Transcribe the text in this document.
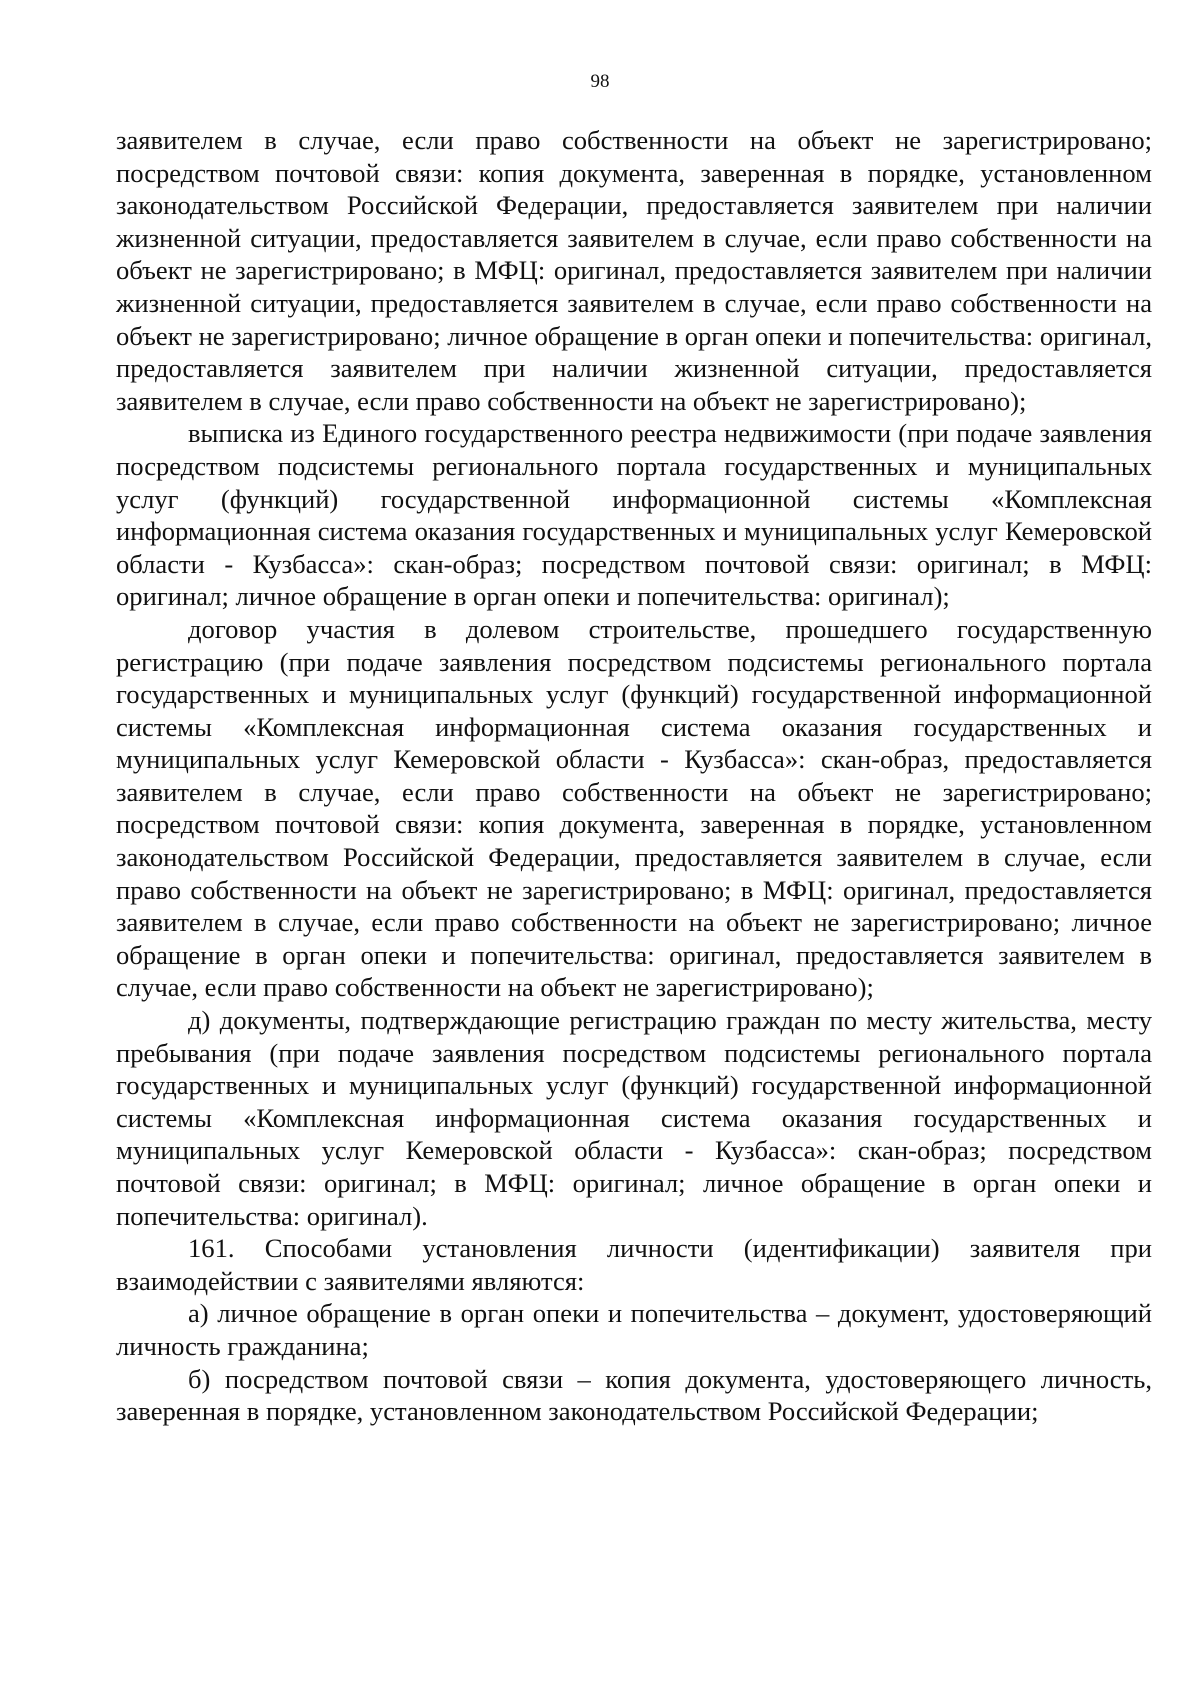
98

заявителем в случае, если право собственности на объект не зарегистрировано; посредством почтовой связи: копия документа, заверенная в порядке, установленном законодательством Российской Федерации, предоставляется заявителем при наличии жизненной ситуации, предоставляется заявителем в случае, если право собственности на объект не зарегистрировано; в МФЦ: оригинал, предоставляется заявителем при наличии жизненной ситуации, предоставляется заявителем в случае, если право собственности на объект не зарегистрировано; личное обращение в орган опеки и попечительства: оригинал, предоставляется заявителем при наличии жизненной ситуации, предоставляется заявителем в случае, если право собственности на объект не зарегистрировано);

выписка из Единого государственного реестра недвижимости (при подаче заявления посредством подсистемы регионального портала государственных и муниципальных услуг (функций) государственной информационной системы «Комплексная информационная система оказания государственных и муниципальных услуг Кемеровской области - Кузбасса»: скан-образ; посредством почтовой связи: оригинал; в МФЦ: оригинал; личное обращение в орган опеки и попечительства: оригинал);

договор участия в долевом строительстве, прошедшего государственную регистрацию (при подаче заявления посредством подсистемы регионального портала государственных и муниципальных услуг (функций) государственной информационной системы «Комплексная информационная система оказания государственных и муниципальных услуг Кемеровской области - Кузбасса»: скан-образ, предоставляется заявителем в случае, если право собственности на объект не зарегистрировано; посредством почтовой связи: копия документа, заверенная в порядке, установленном законодательством Российской Федерации, предоставляется заявителем в случае, если право собственности на объект не зарегистрировано; в МФЦ: оригинал, предоставляется заявителем в случае, если право собственности на объект не зарегистрировано; личное обращение в орган опеки и попечительства: оригинал, предоставляется заявителем в случае, если право собственности на объект не зарегистрировано);

д) документы, подтверждающие регистрацию граждан по месту жительства, месту пребывания (при подаче заявления посредством подсистемы регионального портала государственных и муниципальных услуг (функций) государственной информационной системы «Комплексная информационная система оказания государственных и муниципальных услуг Кемеровской области - Кузбасса»: скан-образ; посредством почтовой связи: оригинал; в МФЦ: оригинал; личное обращение в орган опеки и попечительства: оригинал).

161. Способами установления личности (идентификации) заявителя при взаимодействии с заявителями являются:

а) личное обращение в орган опеки и попечительства – документ, удостоверяющий личность гражданина;

б) посредством почтовой связи – копия документа, удостоверяющего личность, заверенная в порядке, установленном законодательством Российской Федерации;
